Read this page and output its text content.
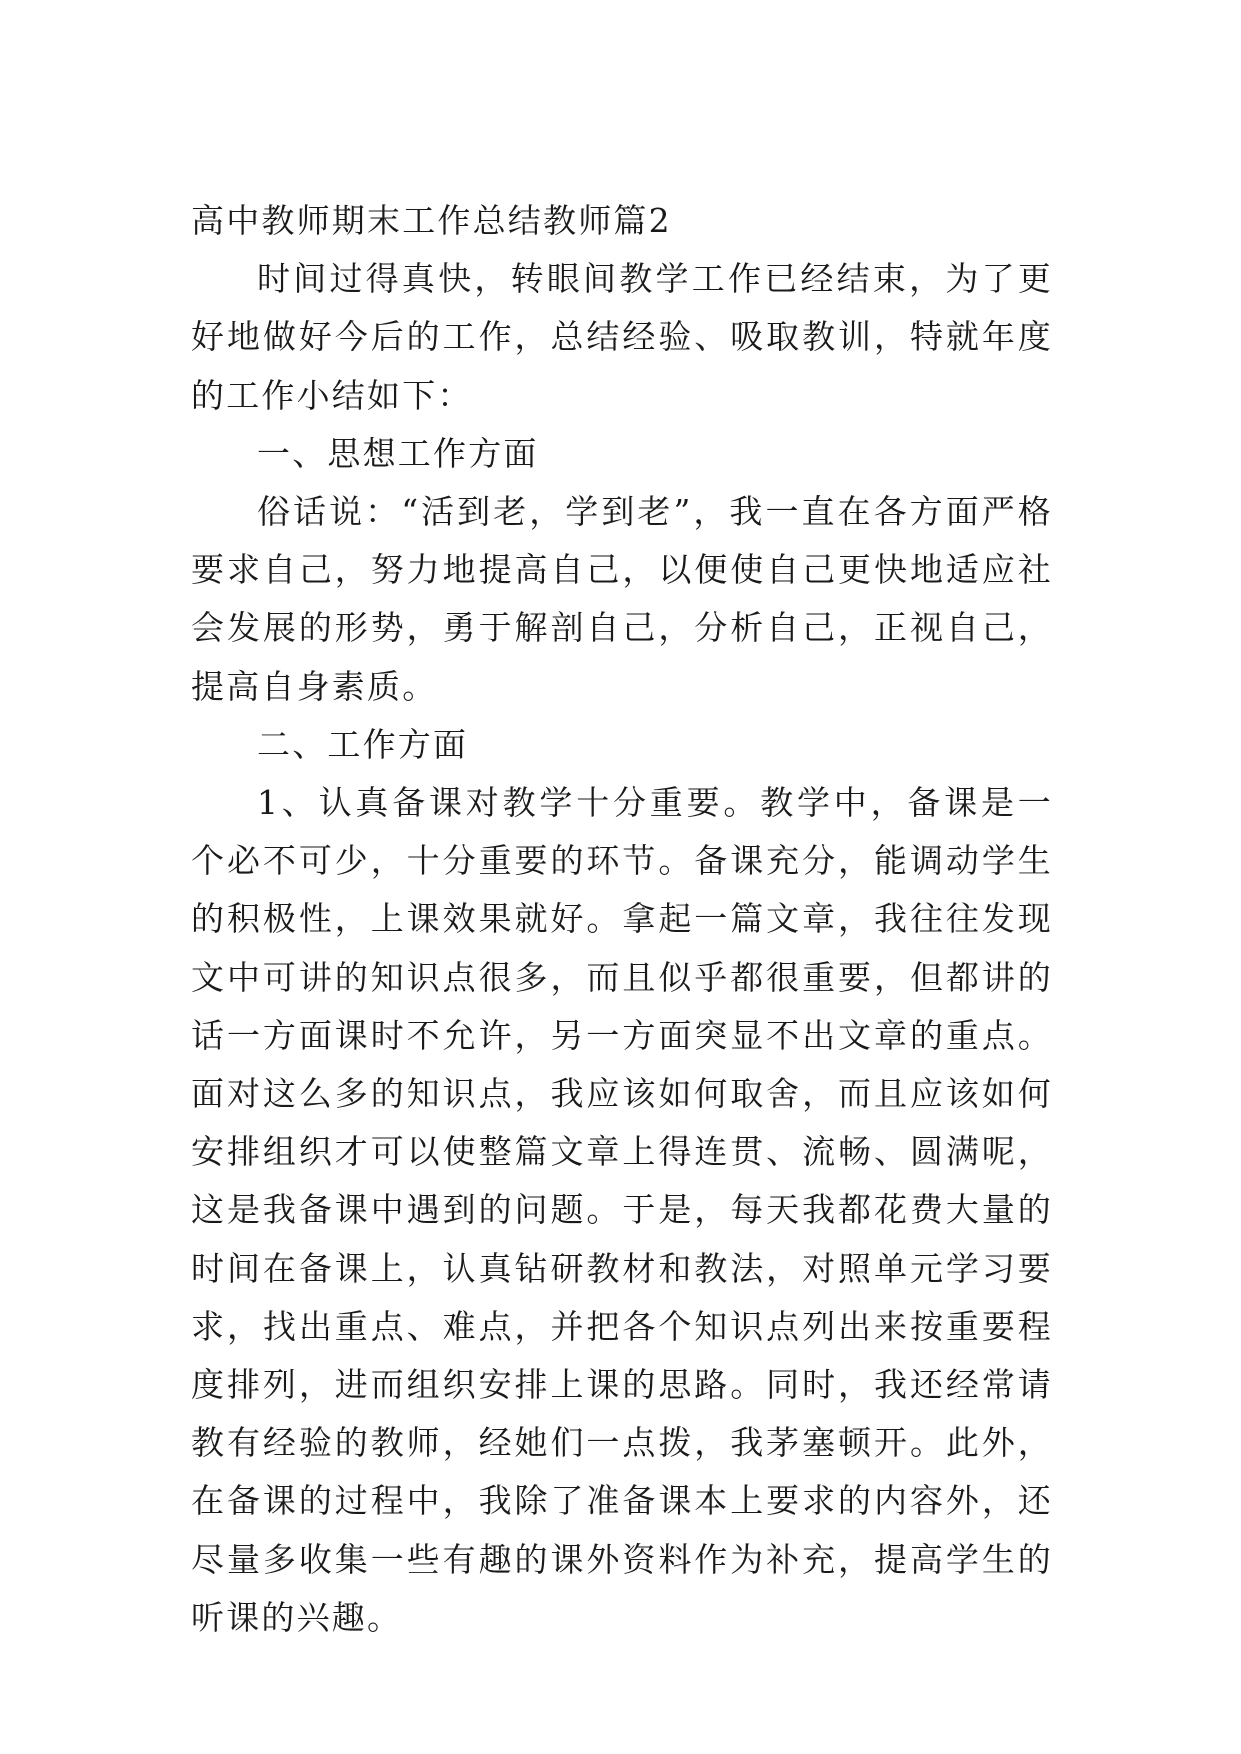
高中教师期末工作总结教师篇2

时间过得真快，转眼间教学工作已经结束，为了更好地做好今后的工作，总结经验、吸取教训，特就年度的工作小结如下：

一、思想工作方面

俗话说：“活到老，学到老”，我一直在各方面严格要求自己，努力地提高自己，以便使自己更快地适应社会发展的形势，勇于解剖自己，分析自己，正视自己，提高自身素质。

二、工作方面

1、认真备课对教学十分重要。教学中，备课是一个必不可少，十分重要的环节。备课充分，能调动学生的积极性，上课效果就好。拿起一篇文章，我往往发现文中可讲的知识点很多，而且似乎都很重要，但都讲的话一方面课时不允许，另一方面突显不出文章的重点。面对这么多的知识点，我应该如何取舍，而且应该如何安排组织才可以使整篇文章上得连贯、流畅、圆满呢，这是我备课中遇到的问题。于是，每天我都花费大量的时间在备课上，认真钻研教材和教法，对照单元学习要求，找出重点、难点，并把各个知识点列出来按重要程度排列，进而组织安排上课的思路。同时，我还经常请教有经验的教师，经她们一点拨，我茅塞顿开。此外，在备课的过程中，我除了准备课本上要求的内容外，还尽量多收集一些有趣的课外资料作为补充，提高学生的听课的兴趣。
